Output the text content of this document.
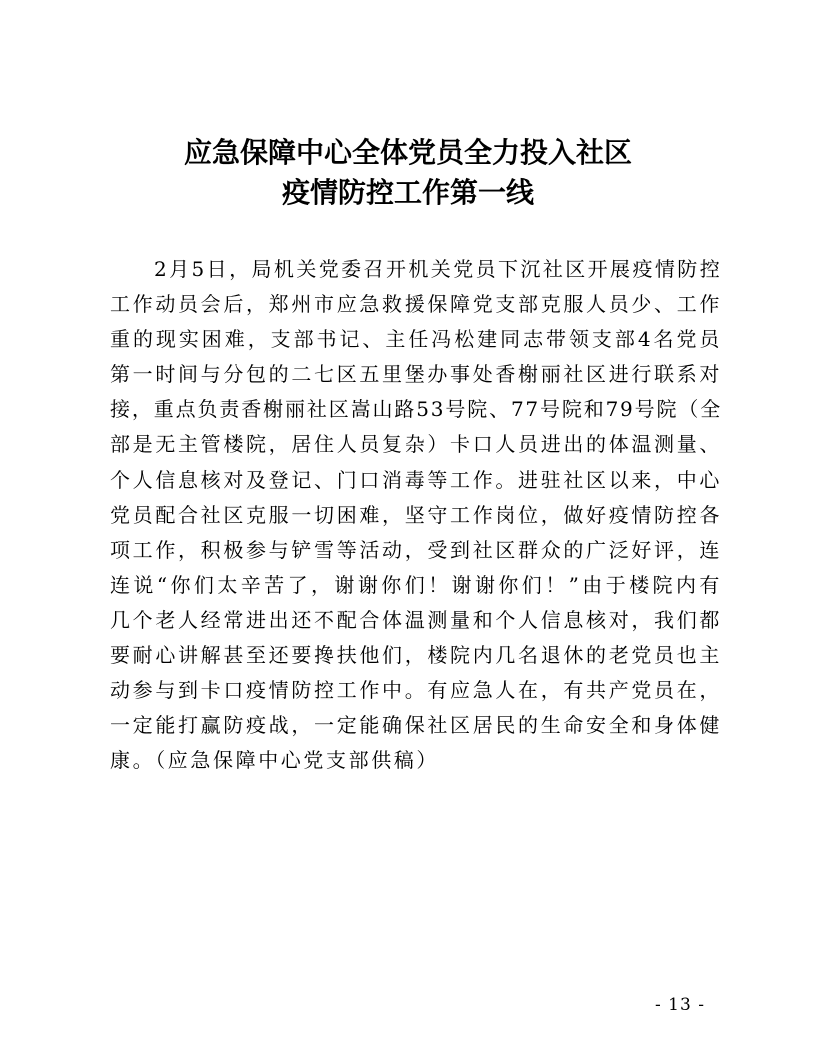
应急保障中心全体党员全力投入社区

疫情防控工作第一线

2月5日，局机关党委召开机关党员下沉社区开展疫情防控
工作动员会后，郑州市应急救援保障党支部克服人员少、工作
重的现实困难，支部书记、主任冯松建同志带领支部4名党员
第一时间与分包的二七区五里堡办事处香榭丽社区进行联系对
接，重点负责香榭丽社区嵩山路53号院、77号院和79号院（全
部是无主管楼院，居住人员复杂）卡口人员进出的体温测量、
个人信息核对及登记、门口消毒等工作。进驻社区以来，中心
党员配合社区克服一切困难，坚守工作岗位，做好疫情防控各
项工作，积极参与铲雪等活动，受到社区群众的广泛好评，连
连说“你们太辛苦了，谢谢你们！谢谢你们！”由于楼院内有
几个老人经常进出还不配合体温测量和个人信息核对，我们都
要耐心讲解甚至还要搀扶他们，楼院内几名退休的老党员也主
动参与到卡口疫情防控工作中。有应急人在，有共产党员在，
一定能打赢防疫战，一定能确保社区居民的生命安全和身体健
康。（应急保障中心党支部供稿）
- 13 -
